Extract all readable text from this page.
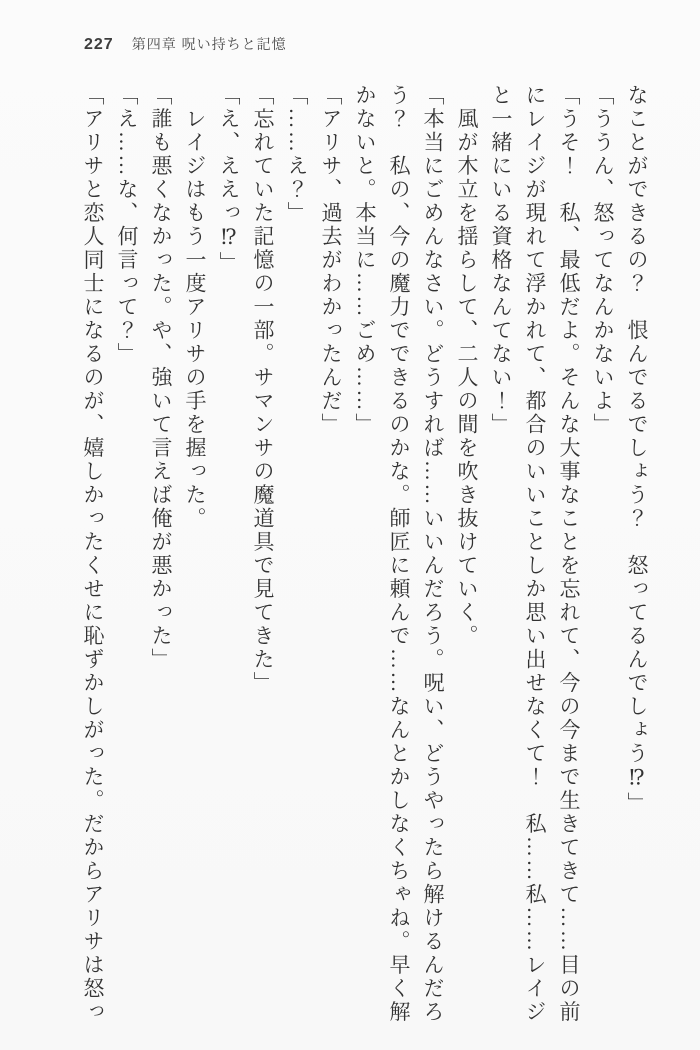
227 第四章 呪い持ちと記憶

なことができるの？　恨んでるでしょう？　怒ってるんでしょう⁉」

「ううん、怒ってなんかないよ」

「うそ！　私、最低だよ。そんな大事なことを忘れて、今の今まで生きてきて……目の前にレイジが現れて浮かれて、都合のいいことしか思い出せなくて！　私……私……レイジと一緒にいる資格なんてない！」

　風が木立を揺らして、二人の間を吹き抜けていく。

「本当にごめんなさい。どうすれば……いいんだろう。呪い、どうやったら解けるんだろう？　私の、今の魔力でできるのかな。師匠に頼んで……なんとかしなくちゃね。早く解かないと。本当に……ごめ……」

「アリサ、過去がわかったんだ」

「……え？」

「忘れていた記憶の一部。サマンサの魔道具で見てきた」

「え、ええっ⁉」

　レイジはもう一度アリサの手を握った。

「誰も悪くなかった。や、強いて言えば俺が悪かった」

「え……な、何言って？」

「アリサと恋人同士になるのが、嬉しかったくせに恥ずかしがった。だからアリサは怒っ
